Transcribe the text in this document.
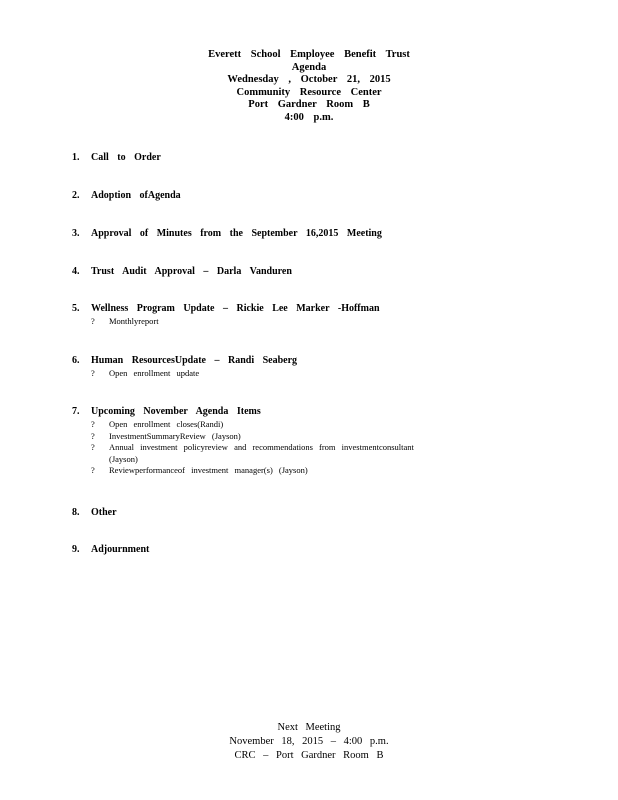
Everett School Employee Benefit Trust
Agenda
Wednesday , October 21, 2015
Community Resource Center
Port Gardner Room B
4:00 p.m.
1.	Call to Order
2.	Adoption ofAgenda
3.	Approval of Minutes from the September 16,2015 Meeting
4.	Trust Audit Approval – Darla Vanduren
5.	Wellness Program Update – Rickie Lee Marker -Hoffman
?	Monthlyreport
6.	Human ResourcesUpdate – Randi Seaberg
?	Open enrollment update
7.	Upcoming November Agenda Items
?	Open enrollment closes(Randi)
?	InvestmentSummaryReview (Jayson)
?	Annual investment policyreview and recommendations from investmentconsultant
(Jayson)
?	Reviewperformanceof investment manager(s) (Jayson)
8.	Other
9.	Adjournment
Next Meeting
November 18, 2015 – 4:00 p.m.
CRC – Port Gardner Room B
